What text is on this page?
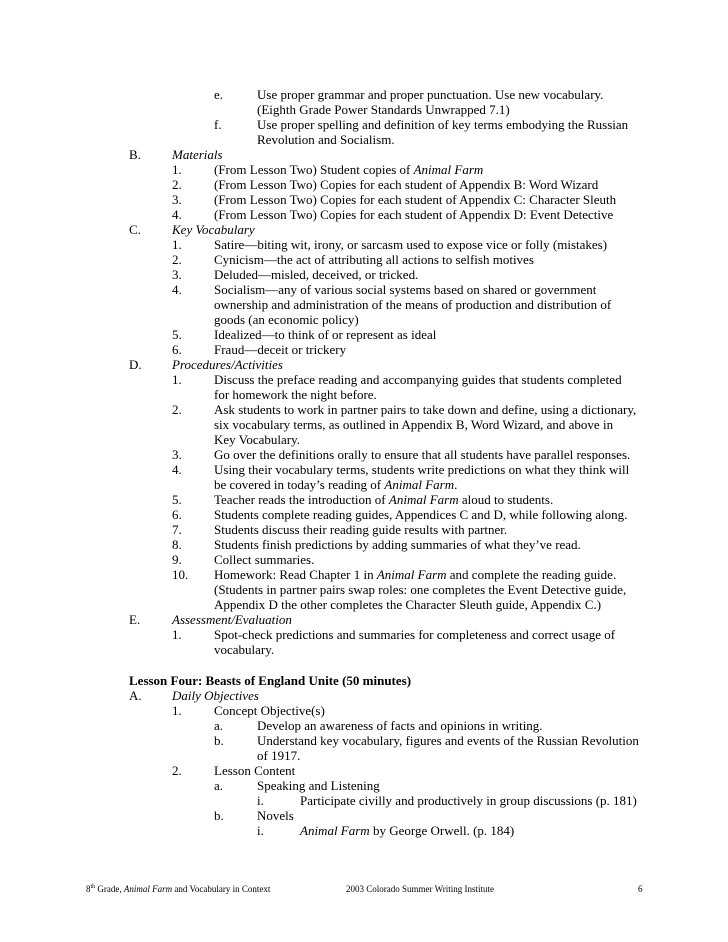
e.	Use proper grammar and proper punctuation. Use new vocabulary.
(Eighth Grade Power Standards Unwrapped 7.1)
f.	Use proper spelling and definition of key terms embodying the Russian
Revolution and Socialism.
B. Materials
1. (From Lesson Two) Student copies of Animal Farm
2. (From Lesson Two) Copies for each student of Appendix B: Word Wizard
3. (From Lesson Two) Copies for each student of Appendix C: Character Sleuth
4. (From Lesson Two) Copies for each student of Appendix D: Event Detective
C. Key Vocabulary
1. Satire—biting wit, irony, or sarcasm used to expose vice or folly (mistakes)
2. Cynicism—the act of attributing all actions to selfish motives
3. Deluded—misled, deceived, or tricked.
4. Socialism—any of various social systems based on shared or government
ownership and administration of the means of production and distribution of
goods (an economic policy)
5. Idealized—to think of or represent as ideal
6. Fraud—deceit or trickery
D. Procedures/Activities
1. Discuss the preface reading and accompanying guides that students completed
for homework the night before.
2. Ask students to work in partner pairs to take down and define, using a dictionary,
six vocabulary terms, as outlined in Appendix B, Word Wizard, and above in
Key Vocabulary.
3. Go over the definitions orally to ensure that all students have parallel responses.
4. Using their vocabulary terms, students write predictions on what they think will
be covered in today’s reading of Animal Farm.
5. Teacher reads the introduction of Animal Farm aloud to students.
6. Students complete reading guides, Appendices C and D, while following along.
7. Students discuss their reading guide results with partner.
8. Students finish predictions by adding summaries of what they’ve read.
9. Collect summaries.
10. Homework: Read Chapter 1 in Animal Farm and complete the reading guide.
(Students in partner pairs swap roles: one completes the Event Detective guide,
Appendix D the other completes the Character Sleuth guide, Appendix C.)
E. Assessment/Evaluation
1. Spot-check predictions and summaries for completeness and correct usage of
vocabulary.
Lesson Four: Beasts of England Unite (50 minutes)
A. Daily Objectives
1. Concept Objective(s)
a.	Develop an awareness of facts and opinions in writing.
b.	Understand key vocabulary, figures and events of the Russian Revolution
of 1917.
2. Lesson Content
a.	Speaking and Listening
i.	Participate civilly and productively in group discussions (p. 181)
b.	Novels
i.	Animal Farm by George Orwell. (p. 184)
8th Grade, Animal Farm and Vocabulary in Context	2003 Colorado Summer Writing Institute	6
